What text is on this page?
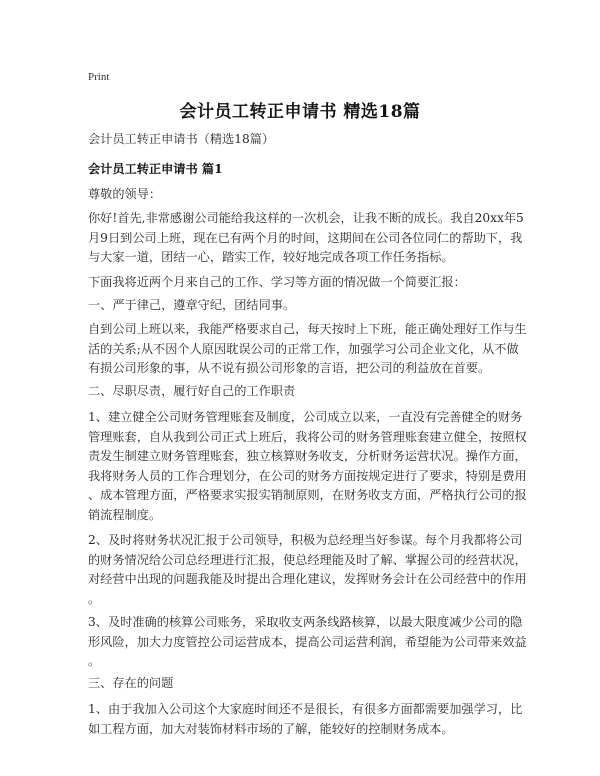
Print
会计员工转正申请书 精选18篇
会计员工转正申请书（精选18篇）
会计员工转正申请书 篇1
尊敬的领导：
你好!首先,非常感谢公司能给我这样的一次机会，让我不断的成长。我自20xx年5
月9日到公司上班，现在已有两个月的时间，这期间在公司各位同仁的帮助下，我
与大家一道，团结一心，踏实工作，较好地完成各项工作任务指标。
下面我将近两个月来自己的工作、学习等方面的情况做一个简要汇报：
一、严于律己，遵章守纪，团结同事。
自到公司上班以来，我能严格要求自己，每天按时上下班，能正确处理好工作与生
活的关系;从不因个人原因耽误公司的正常工作，加强学习公司企业文化，从不做
有损公司形象的事，从不说有损公司形象的言语，把公司的利益放在首要。
二、尽职尽责，履行好自己的工作职责
1、建立健全公司财务管理账套及制度，公司成立以来，一直没有完善健全的财务
管理账套，自从我到公司正式上班后，我将公司的财务管理账套建立健全，按照权
责发生制建立财务管理账套，独立核算财务收支，分析财务运营状况。操作方面，
我将财务人员的工作合理划分，在公司的财务方面按规定进行了要求，特别是费用
、成本管理方面，严格要求实报实销制原则，在财务收支方面，严格执行公司的报
销流程制度。
2、及时将财务状况汇报于公司领导，积极为总经理当好参谋。每个月我都将公司
的财务情况给公司总经理进行汇报，使总经理能及时了解、掌握公司的经营状况，
对经营中出现的问题我能及时提出合理化建议，发挥财务会计在公司经营中的作用
。
3、及时准确的核算公司账务，采取收支两条线路核算，以最大限度减少公司的隐
形风险，加大力度管控公司运营成本，提高公司运营利润，希望能为公司带来效益
。
三、存在的问题
1、由于我加入公司这个大家庭时间还不是很长，有很多方面都需要加强学习，比
如工程方面，加大对装饰材料市场的了解，能较好的控制财务成本。
